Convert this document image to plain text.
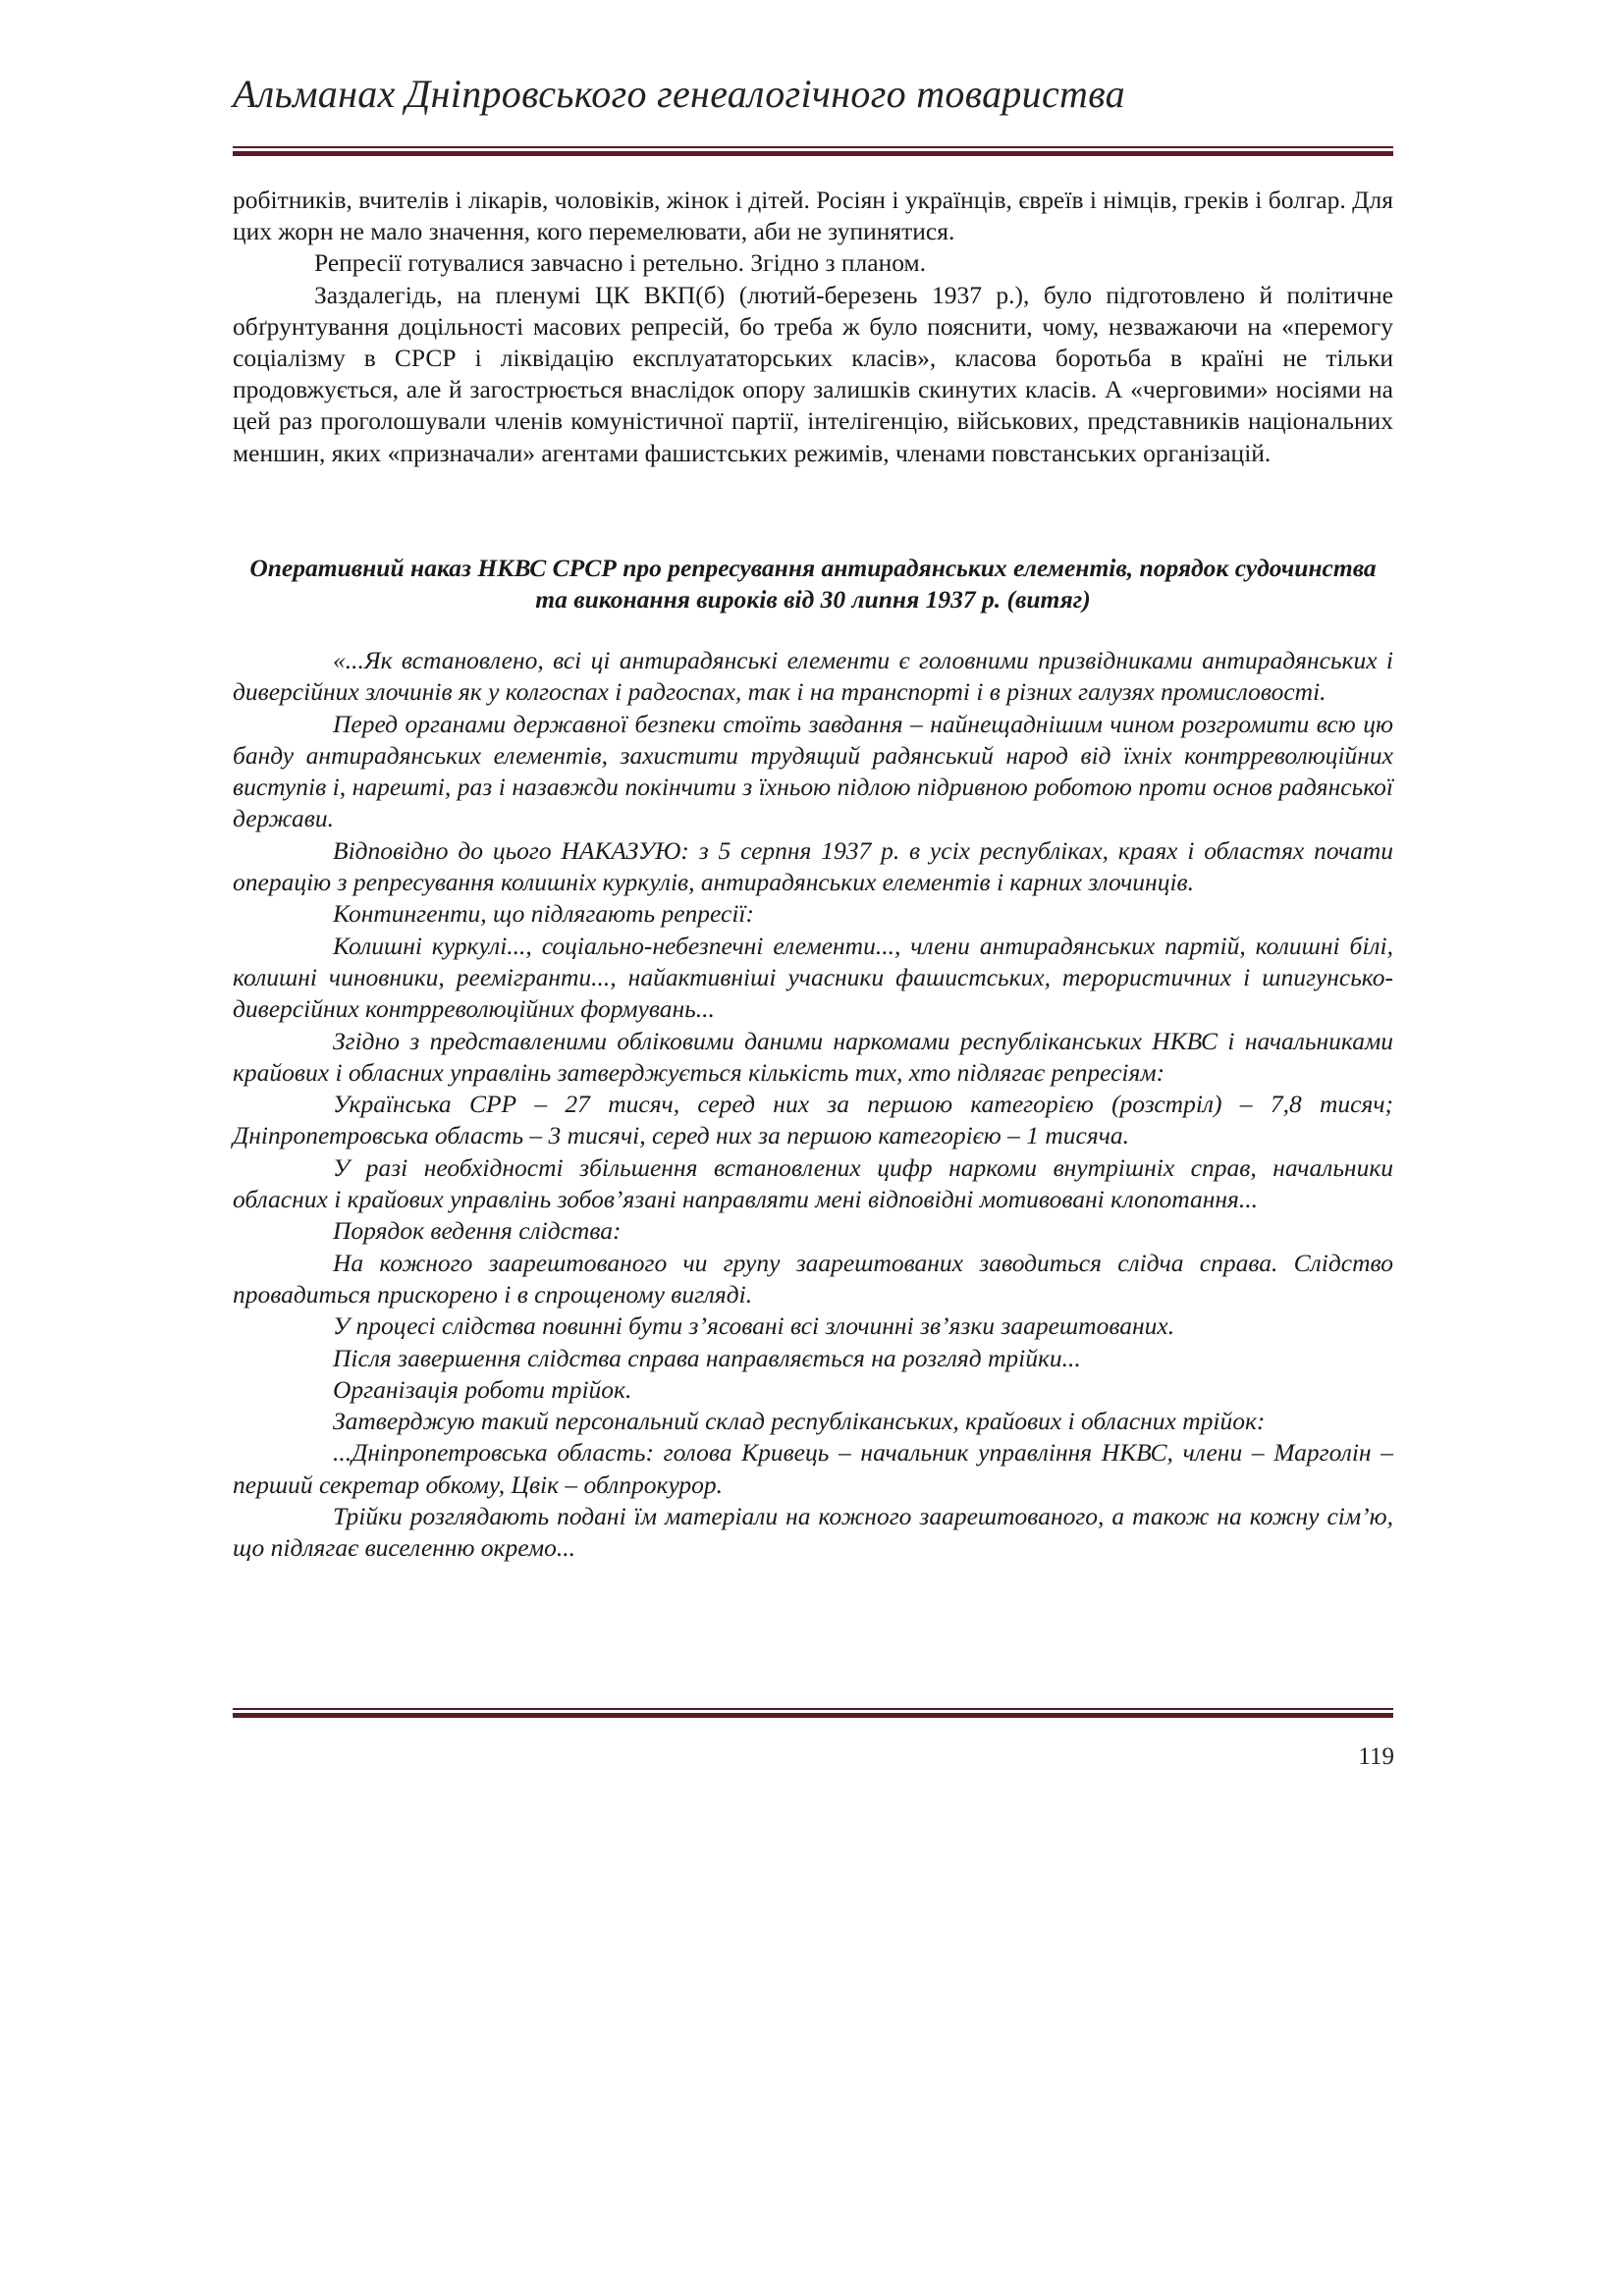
Альманах Дніпровського генеалогічного товариства

робітників, вчителів і лікарів, чоловіків, жінок і дітей. Росіян і українців, євреїв і німців, греків і болгар. Для цих жорн не мало значення, кого перемелювати, аби не зупинятися.

Репресії готувалися завчасно і ретельно. Згідно з планом.

Заздалегідь, на пленумі ЦК ВКП(б) (лютий-березень 1937 р.), було підготовлено й політичне обґрунтування доцільності масових репресій, бо треба ж було пояснити, чому, незважаючи на «перемогу соціалізму в СРСР і ліквідацію експлуататорських класів», класова боротьба в країні не тільки продовжується, але й загострюється внаслідок опору залишків скинутих класів. А «черговими» носіями на цей раз проголошували членів комуністичної партії, інтелігенцію, військових, представників національних меншин, яких «призначали» агентами фашистських режимів, членами повстанських організацій.

Оперативний наказ НКВС СРСР про репресування антирадянських елементів, порядок судочинства та виконання вироків від 30 липня 1937 р. (витяг)

«...Як встановлено, всі ці антирадянські елементи є головними призвідниками антирадянських і диверсійних злочинів як у колгоспах і радгоспах, так і на транспорті і в різних галузях промисловості.

Перед органами державної безпеки стоїть завдання – найнещаднішим чином розгромити всю цю банду антирадянських елементів, захистити трудящий радянський народ від їхніх контрреволюційних виступів і, нарешті, раз і назавжди покінчити з їхньою підлою підривною роботою проти основ радянської держави.

Відповідно до цього НАКАЗУЮ: з 5 серпня 1937 р. в усіх республіках, краях і областях почати операцію з репресування колишніх куркулів, антирадянських елементів і карних злочинців.

Контингенти, що підлягають репресії:

Колишні куркулі..., соціально-небезпечні елементи..., члени антирадянських партій, колишні білі, колишні чиновники, реемігранти..., найактивніші учасники фашистських, терористичних і шпигунсько-диверсійних контрреволюційних формувань...

Згідно з представленими обліковими даними наркомами республіканських НКВС і начальниками крайових і обласних управлінь затверджується кількість тих, хто підлягає репресіям:

Українська СРР – 27 тисяч, серед них за першою категорією (розстріл) – 7,8 тисяч; Дніпропетровська область – 3 тисячі, серед них за першою категорією – 1 тисяча.

У разі необхідності збільшення встановлених цифр наркоми внутрішніх справ, начальники обласних і крайових управлінь зобов’язані направляти мені відповідні мотивовані клопотання...

Порядок ведення слідства:

На кожного заарештованого чи групу заарештованих заводиться слідча справа. Слідство провадиться прискорено і в спрощеному вигляді.

У процесі слідства повинні бути з’ясовані всі злочинні зв’язки заарештованих.

Після завершення слідства справа направляється на розгляд трійки...

Організація роботи трійок.

Затверджую такий персональний склад республіканських, крайових і обласних трійок:

...Дніпропетровська область: голова Кривець – начальник управління НКВС, члени – Марголін – перший секретар обкому, Цвік – облпрокурор.

Трійки розглядають подані їм матеріали на кожного заарештованого, а також на кожну сім’ю, що підлягає виселенню окремо...

119
